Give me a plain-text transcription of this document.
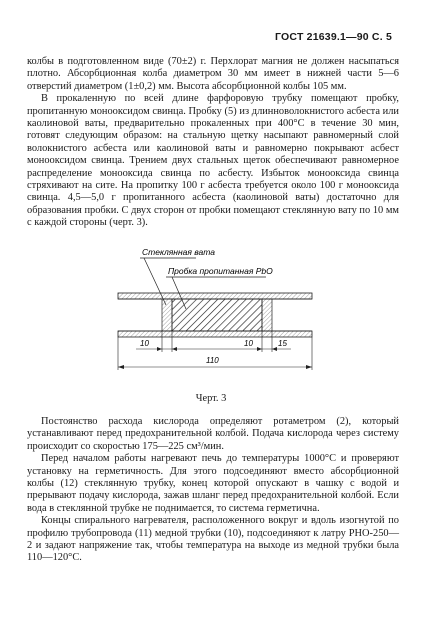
ГОСТ 21639.1—90 С. 5

колбы в подготовленном виде (70±2) г. Перхлорат магния не должен насыпаться плотно. Абсорбционная колба диаметром 30 мм имеет в нижней части 5—6 отверстий диаметром (1±0,2) мм. Высота абсорбционной колбы 105 мм.

В прокаленную по всей длине фарфоровую трубку помещают пробку, пропитанную монооксидом свинца. Пробку (5) из длинноволокнистого асбеста или каолиновой ваты, предварительно прокаленных при 400°С в течение 30 мин, готовят следующим образом: на стальную щетку насыпают равномерный слой волокнистого асбеста или каолиновой ваты и равномерно покрывают асбест монооксидом свинца. Трением двух стальных щеток обеспечивают равномерное распределение монооксида свинца по асбесту. Избыток монооксида свинца стряхивают на сите. На пропитку 100 г асбеста требуется около 100 г монооксида свинца. 4,5—5,0 г пропитанного асбеста (каолиновой ваты) достаточно для образования пробки. С двух сторон от пробки помещают стеклянную вату по 10 мм с каждой стороны (черт. 3).

Стеклянная вата
Пробка пропитанная PbO
10	10	15
110
Черт. 3

Постоянство расхода кислорода определяют ротаметром (2), который устанавливают перед предохранительной колбой. Подача кислорода через систему происходит со скоростью 175—225 см³/мин.

Перед началом работы нагревают печь до температуры 1000°С и проверяют установку на герметичность. Для этого подсоединяют вместо абсорбционной колбы (12) стеклянную трубку, конец которой опускают в чашку с водой и прерывают подачу кислорода, зажав шланг перед предохранительной колбой. Если вода в стеклянной трубке не поднимается, то система герметична.

Концы спирального нагревателя, расположенного вокруг и вдоль изогнутой по профилю трубопровода (11) медной трубки (10), подсоединяют к латру РНО-250—2 и задают напряжение так, чтобы температура на выходе из медной трубки была 110—120°С.
